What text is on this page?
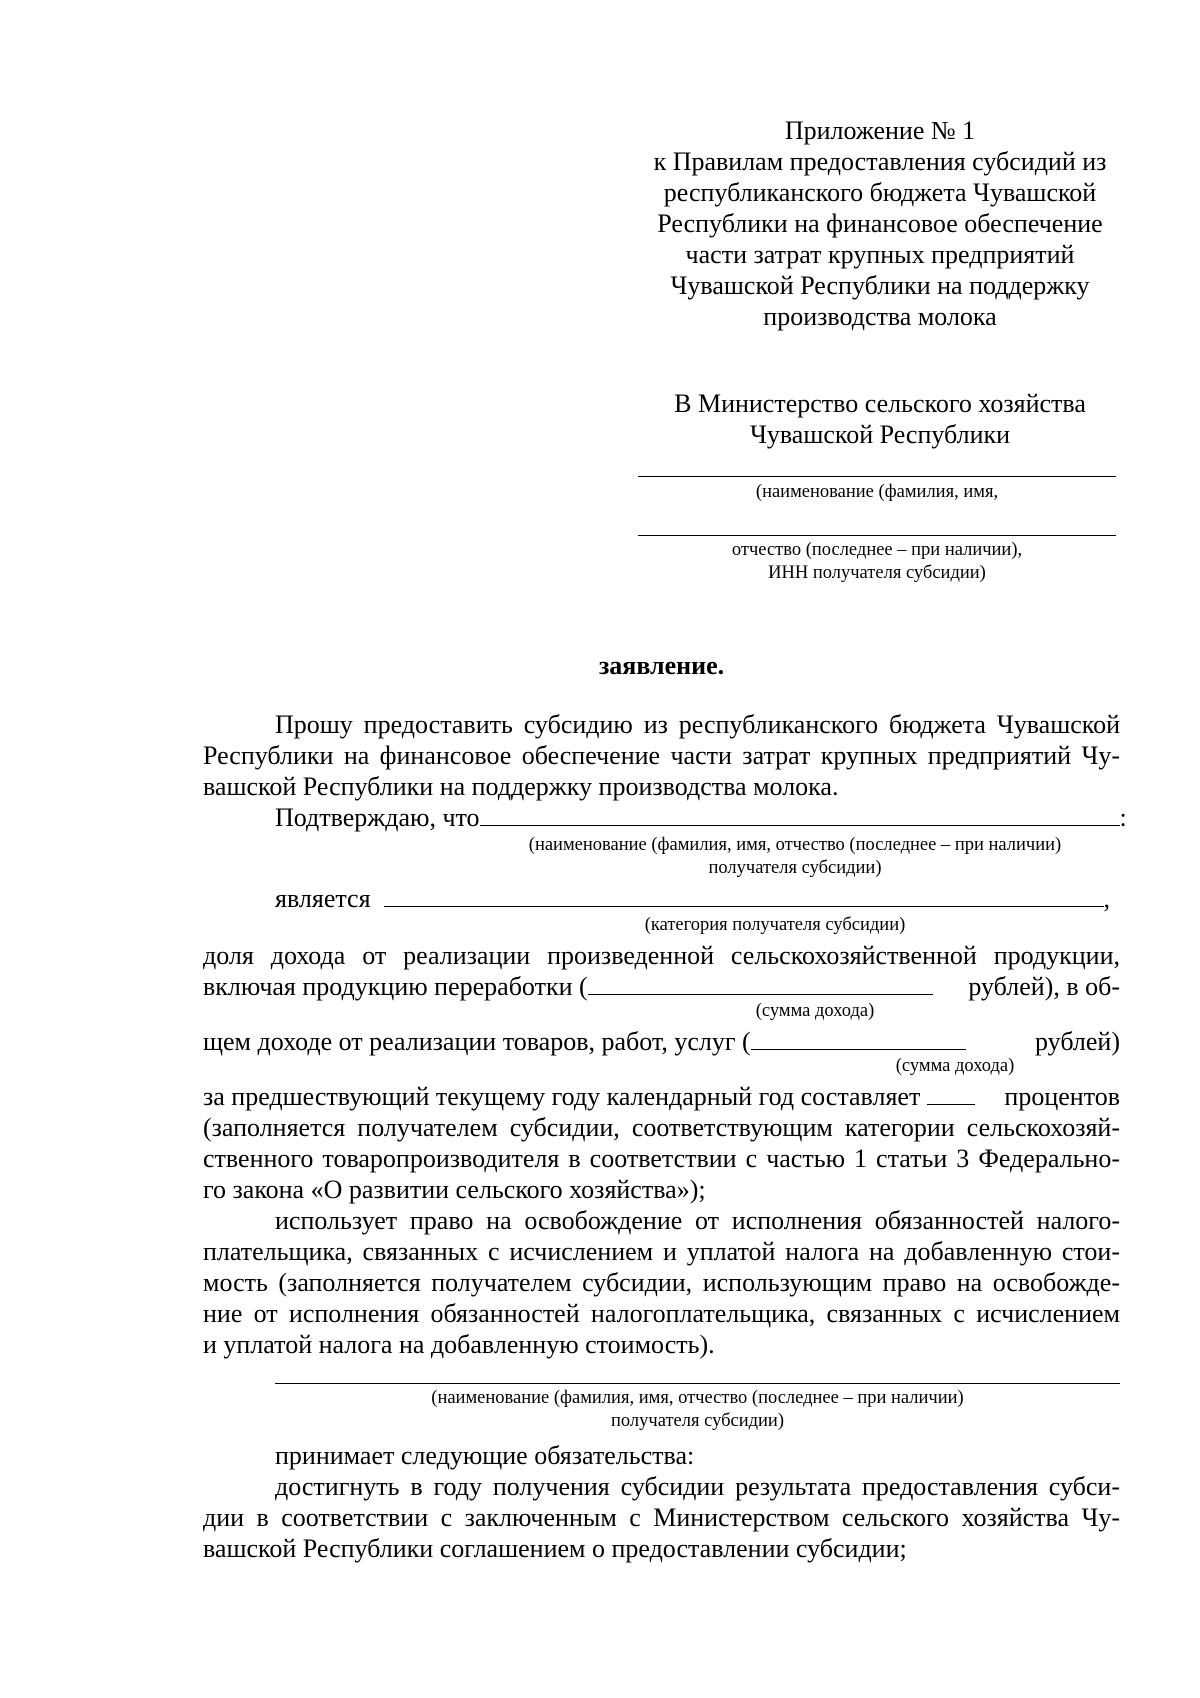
Приложение № 1
к Правилам предоставления субсидий из
республиканского бюджета Чувашской
Республики на финансовое обеспечение
части затрат крупных предприятий
Чувашской Республики на поддержку
производства молока
В Министерство сельского хозяйства
Чувашской Республики
(наименование (фамилия, имя,
отчество (последнее – при наличии),
ИНН получателя субсидии)
заявление.
Прошу предоставить субсидию из республиканского бюджета Чувашской
Республики на финансовое обеспечение части затрат крупных предприятий Чу-
вашской Республики на поддержку производства молока.
Подтверждаю, что	:
(наименование (фамилия, имя, отчество (последнее – при наличии)
получателя субсидии)
является	,
(категория получателя субсидии)
доля дохода от реализации произведенной сельскохозяйственной продукции,
включая продукцию переработки (	рублей), в об-
(сумма дохода)
щем доходе от реализации товаров, работ, услуг (	рублей)
(сумма дохода)
за предшествующий текущему году календарный год составляет	процентов
(заполняется получателем субсидии, соответствующим категории сельскохозяй-
ственного товаропроизводителя в соответствии с частью 1 статьи 3 Федерально-
го закона «О развитии сельского хозяйства»);
использует право на освобождение от исполнения обязанностей налого-
плательщика, связанных с исчислением и уплатой налога на добавленную стои-
мость (заполняется получателем субсидии, использующим право на освобожде-
ние от исполнения обязанностей налогоплательщика, связанных с исчислением
и уплатой налога на добавленную стоимость).
(наименование (фамилия, имя, отчество (последнее – при наличии)
получателя субсидии)
принимает следующие обязательства:
достигнуть в году получения субсидии результата предоставления субси-
дии в соответствии с заключенным с Министерством сельского хозяйства Чу-
вашской Республики соглашением о предоставлении субсидии;
